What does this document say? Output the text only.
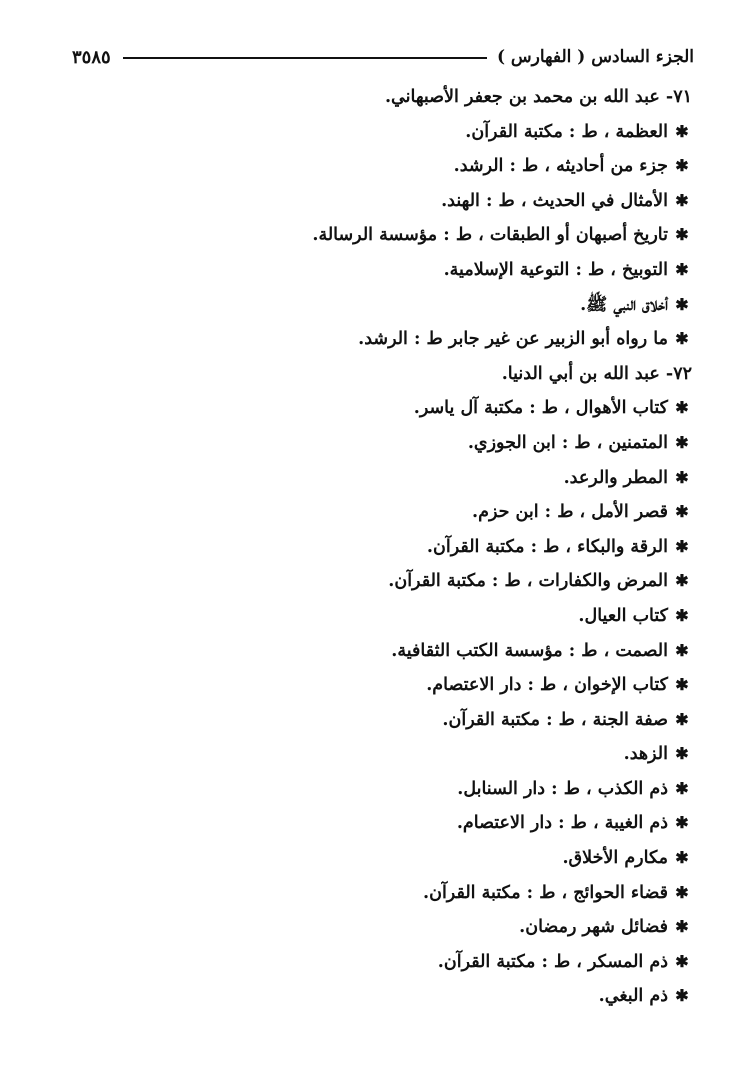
الجزء السادس ( الفهارس )
٣٥٨٥
٧١- عبد الله بن محمد بن جعفر الأصبهاني.
✱العظمة ، ط : مكتبة القرآن.
✱جزء من أحاديثه ، ط : الرشد.
✱الأمثال في الحديث ، ط : الهند.
✱تاريخ أصبهان أو الطبقات ، ط : مؤسسة الرسالة.
✱التوبيخ ، ط : التوعية الإسلامية.
✱أخلاق النبي ﷺ.
✱ما رواه أبو الزبير عن غير جابر ط : الرشد.
٧٢- عبد الله بن أبي الدنيا.
✱كتاب الأهوال ، ط : مكتبة آل ياسر.
✱المتمنين ، ط : ابن الجوزي.
✱المطر والرعد.
✱قصر الأمل ، ط : ابن حزم.
✱الرقة والبكاء ، ط : مكتبة القرآن.
✱المرض والكفارات ، ط : مكتبة القرآن.
✱كتاب العيال.
✱الصمت ، ط : مؤسسة الكتب الثقافية.
✱كتاب الإخوان ، ط : دار الاعتصام.
✱صفة الجنة ، ط : مكتبة القرآن.
✱الزهد.
✱ذم الكذب ، ط : دار السنابل.
✱ذم الغيبة ، ط : دار الاعتصام.
✱مكارم الأخلاق.
✱قضاء الحوائج ، ط : مكتبة القرآن.
✱فضائل شهر رمضان.
✱ذم المسكر ، ط : مكتبة القرآن.
✱ذم البغي.
